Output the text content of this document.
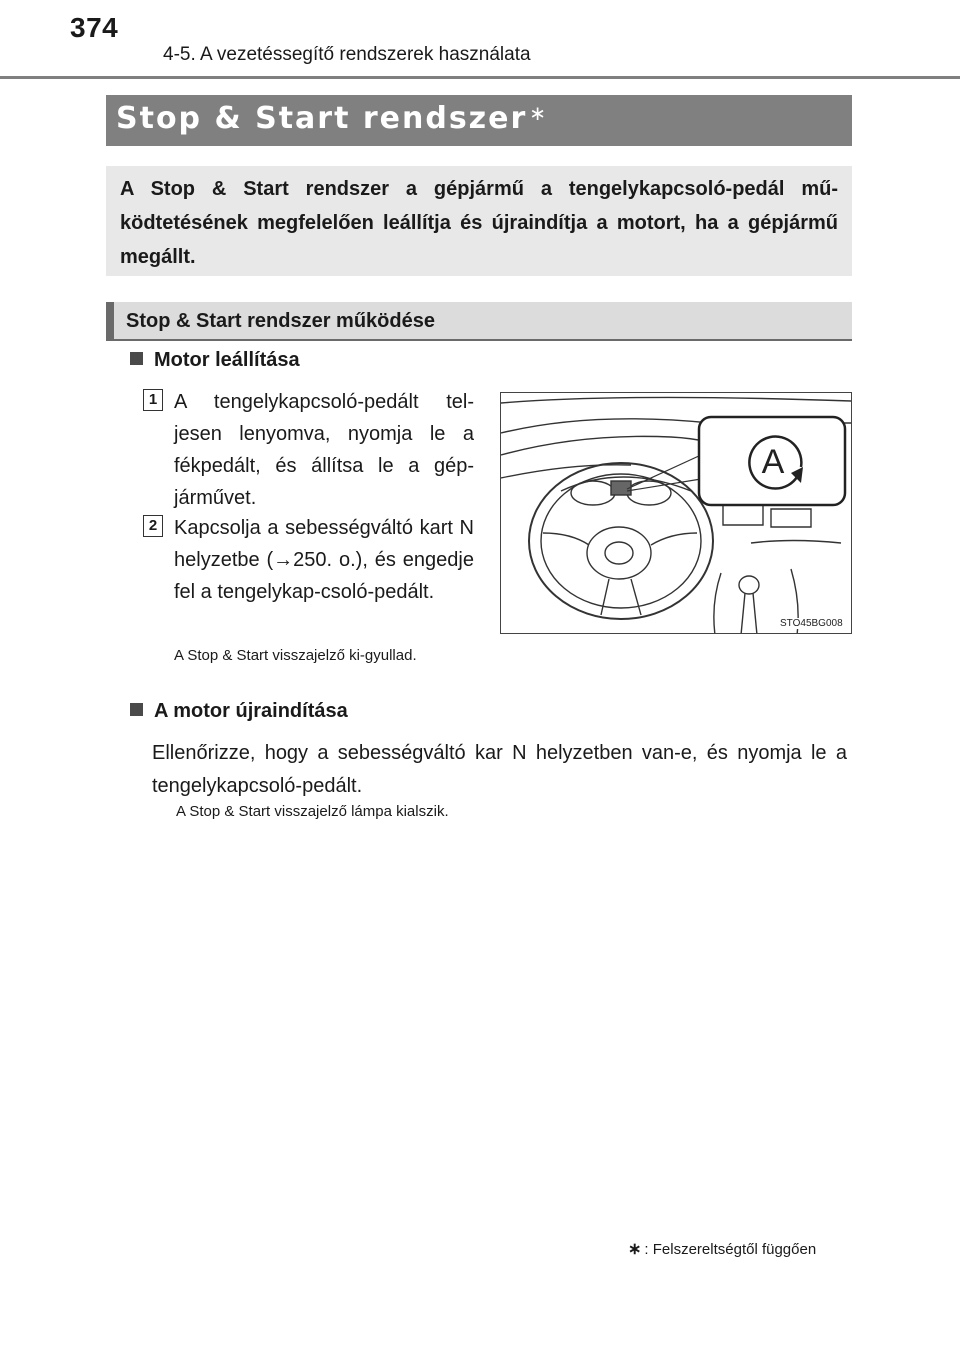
374
4-5. A vezetéssegítő rendszerek használata
Stop & Start rendszer ∗
A Stop & Start rendszer a gépjármű a tengelykapcsoló-pedál mű-ködtetésének megfelelően leállítja és újraindítja a motort, ha a gépjármű megállt.
Stop & Start rendszer működése
Motor leállítása
1 A tengelykapcsoló-pedált tel-jesen lenyomva, nyomja le a fékpedált, és állítsa le a gép-járművet.
2 Kapcsolja a sebességváltó kart N helyzetbe (→250. o.), és engedje fel a tengelykap-csoló-pedált.
A Stop & Start visszajelző ki-gyullad.
A
STO45BG008
A motor újraindítása
Ellenőrizze, hogy a sebességváltó kar N helyzetben van-e, és nyomja le a tengelykapcsoló-pedált.
A Stop & Start visszajelző lámpa kialszik.
∗ : Felszereltségtől függően
